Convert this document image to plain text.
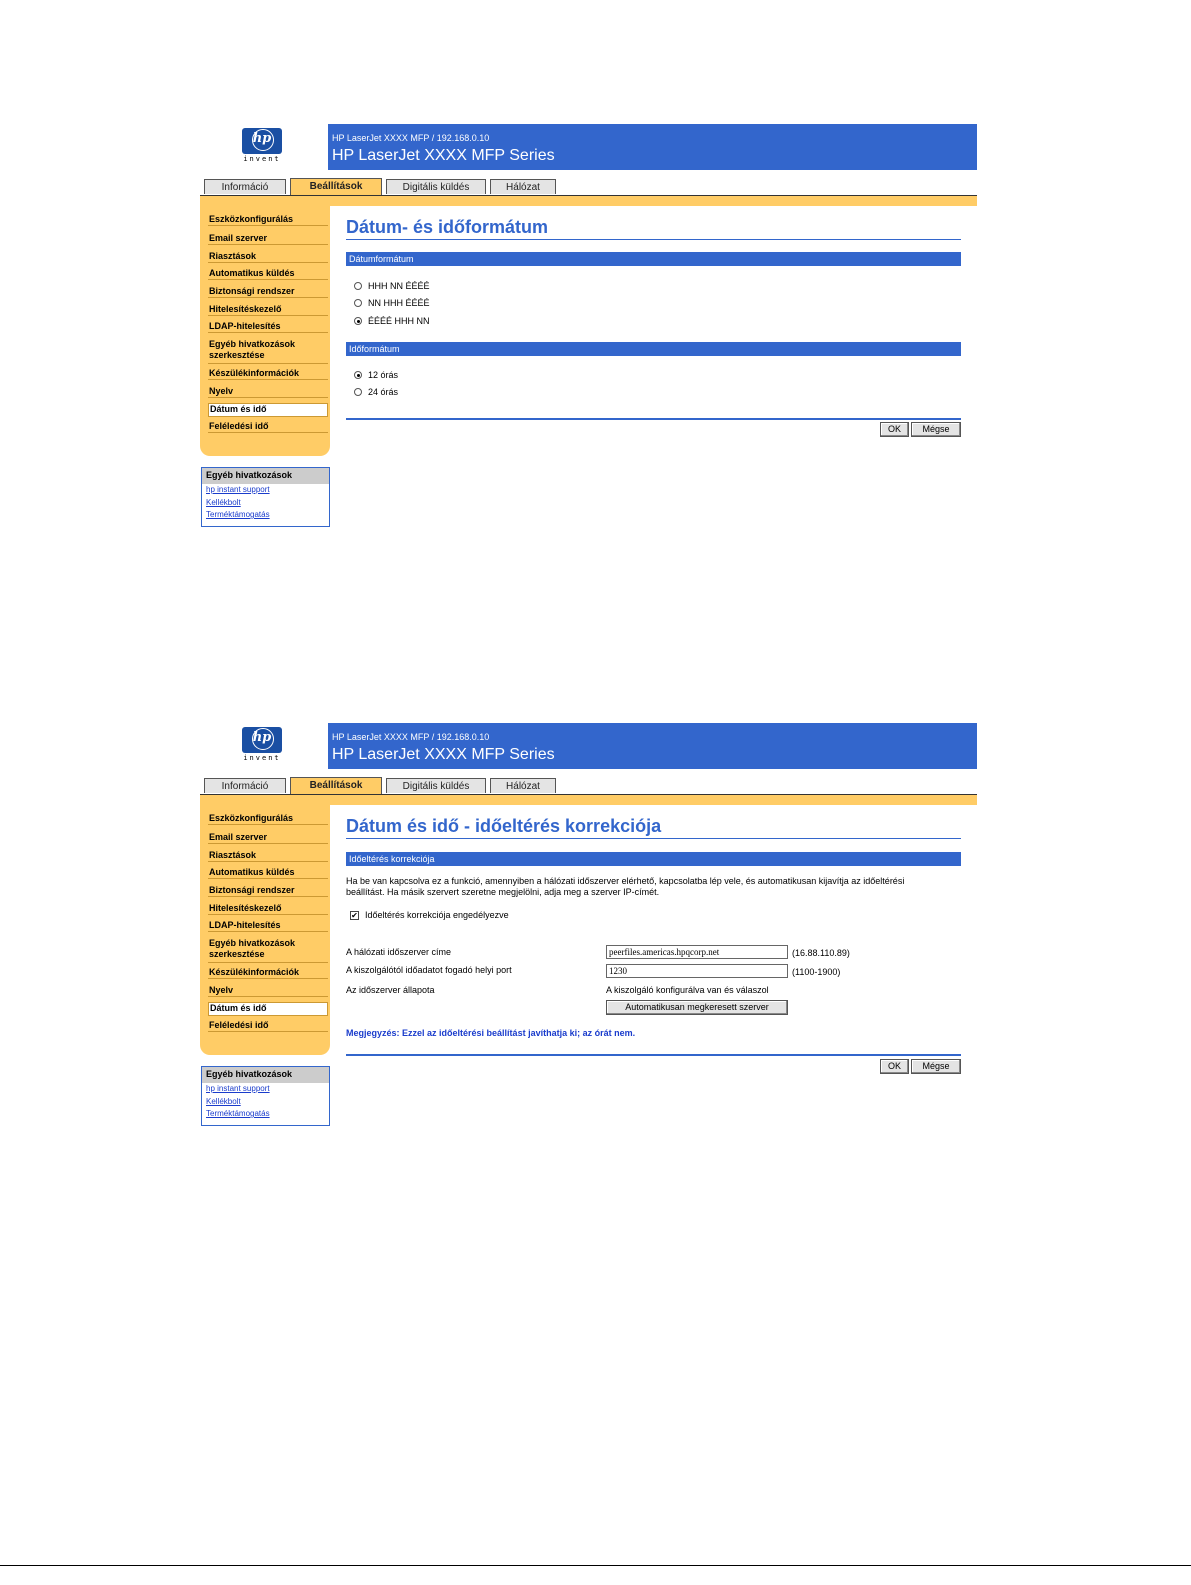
hp
invent
HP LaserJet XXXX MFP / 192.168.0.10
HP LaserJet XXXX MFP Series
Információ	Beállítások	Digitális küldés	Hálózat
Eszközkonfigurálás
Email szerver
Riasztások
Automatikus küldés
Biztonsági rendszer
Hitelesítéskezelő
LDAP-hitelesítés
Egyéb hivatkozások
szerkesztése
Készülékinformációk
Nyelv
Dátum és idő
Feléledési idő
Egyéb hivatkozások
hp instant support
Kellékbolt
Terméktámogatás
Dátum- és időformátum
Dátumformátum
HHH NN ÉÉÉÉ
NN HHH ÉÉÉÉ
ÉÉÉÉ HHH NN
Időformátum
12 órás
24 órás
OK	Mégse
hp
invent
HP LaserJet XXXX MFP / 192.168.0.10
HP LaserJet XXXX MFP Series
Információ	Beállítások	Digitális küldés	Hálózat
Eszközkonfigurálás
Email szerver
Riasztások
Automatikus küldés
Biztonsági rendszer
Hitelesítéskezelő
LDAP-hitelesítés
Egyéb hivatkozások
szerkesztése
Készülékinformációk
Nyelv
Dátum és idő
Feléledési idő
Egyéb hivatkozások
hp instant support
Kellékbolt
Terméktámogatás
Dátum és idő - időeltérés korrekciója
Időeltérés korrekciója
Ha be van kapcsolva ez a funkció, amennyiben a hálózati időszerver elérhető, kapcsolatba lép vele, és automatikusan kijavítja az időeltérési
beállítást. Ha másik szervert szeretne megjelölni, adja meg a szerver IP-címét.
✔ Időeltérés korrekciója engedélyezve
A hálózati időszerver címe	peerfiles.americas.hpqcorp.net	(16.88.110.89)
A kiszolgálótól időadatot fogadó helyi port	1230	(1100-1900)
Az időszerver állapota	A kiszolgáló konfigurálva van és válaszol
Automatikusan megkeresett szerver
Megjegyzés: Ezzel az időeltérési beállítást javíthatja ki; az órát nem.
OK	Mégse
